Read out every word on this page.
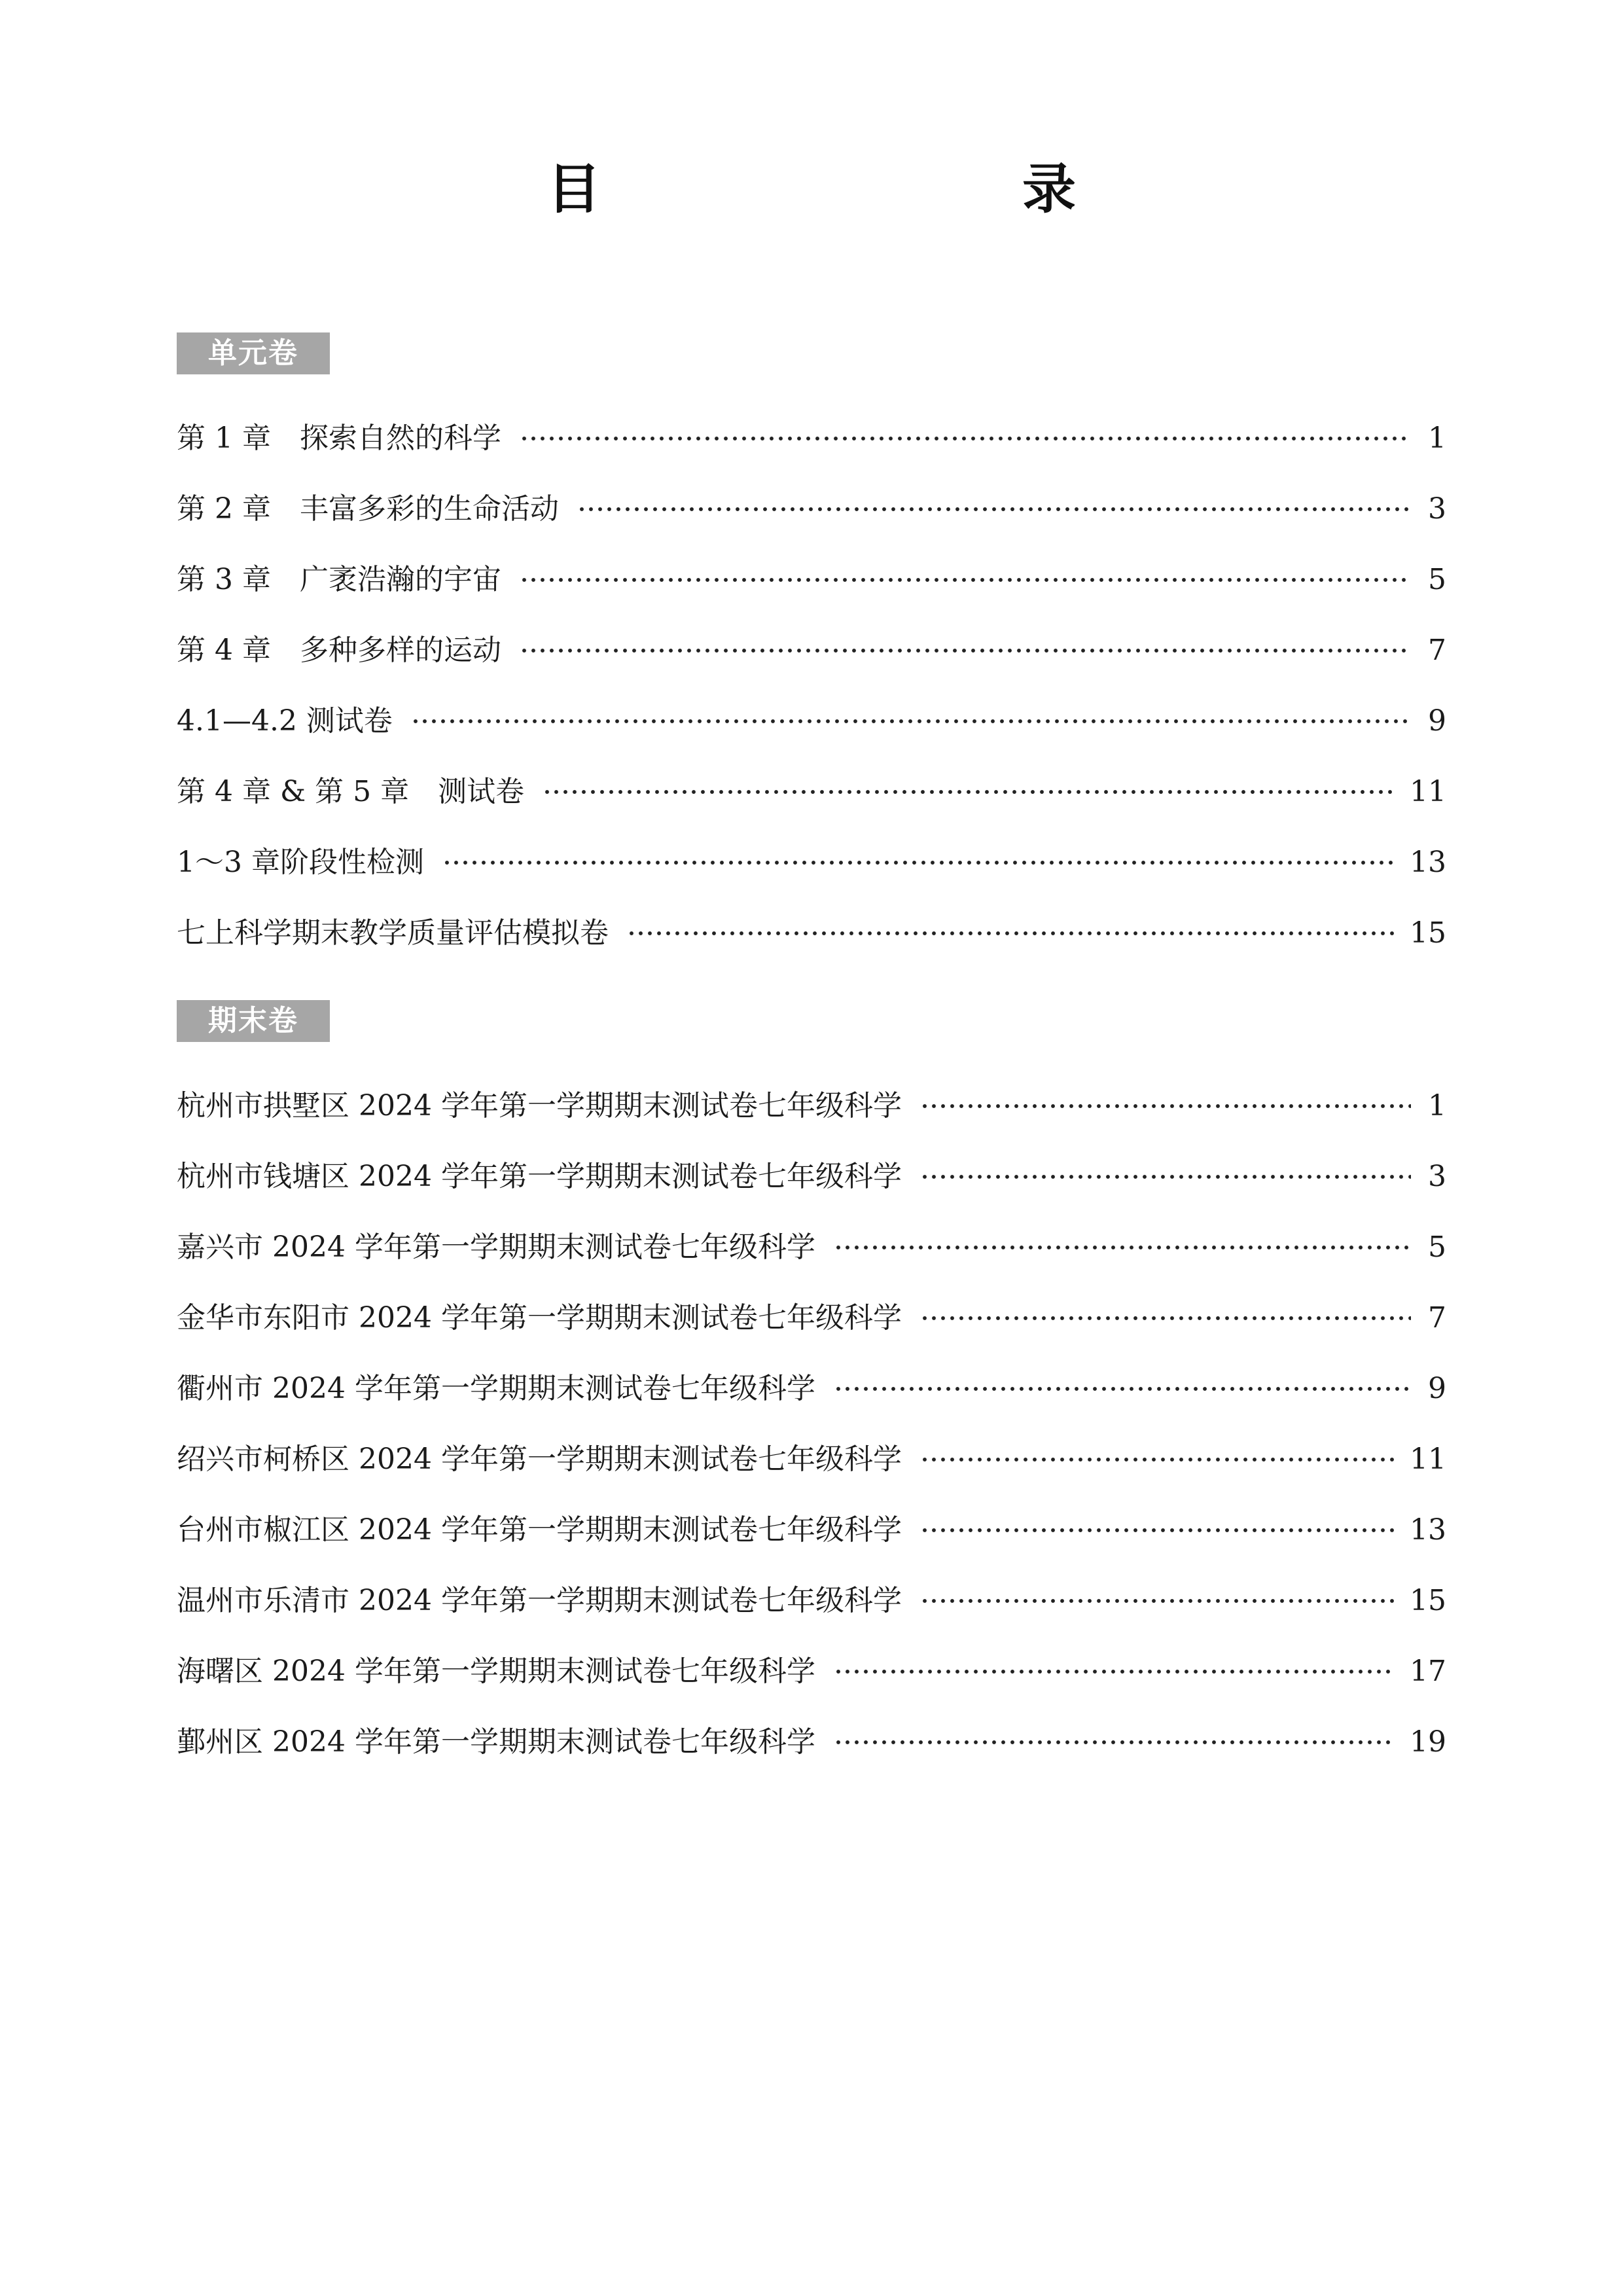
目　　录
单元卷
第 1 章　探索自然的科学	1
第 2 章　丰富多彩的生命活动	3
第 3 章　广袤浩瀚的宇宙	5
第 4 章　多种多样的运动	7
4.1—4.2 测试卷	9
第 4 章 & 第 5 章　测试卷	11
1～3 章阶段性检测	13
七上科学期末教学质量评估模拟卷	15
期末卷
杭州市拱墅区 2024 学年第一学期期末测试卷七年级科学	1
杭州市钱塘区 2024 学年第一学期期末测试卷七年级科学	3
嘉兴市 2024 学年第一学期期末测试卷七年级科学	5
金华市东阳市 2024 学年第一学期期末测试卷七年级科学	7
衢州市 2024 学年第一学期期末测试卷七年级科学	9
绍兴市柯桥区 2024 学年第一学期期末测试卷七年级科学	11
台州市椒江区 2024 学年第一学期期末测试卷七年级科学	13
温州市乐清市 2024 学年第一学期期末测试卷七年级科学	15
海曙区 2024 学年第一学期期末测试卷七年级科学	17
鄞州区 2024 学年第一学期期末测试卷七年级科学	19
